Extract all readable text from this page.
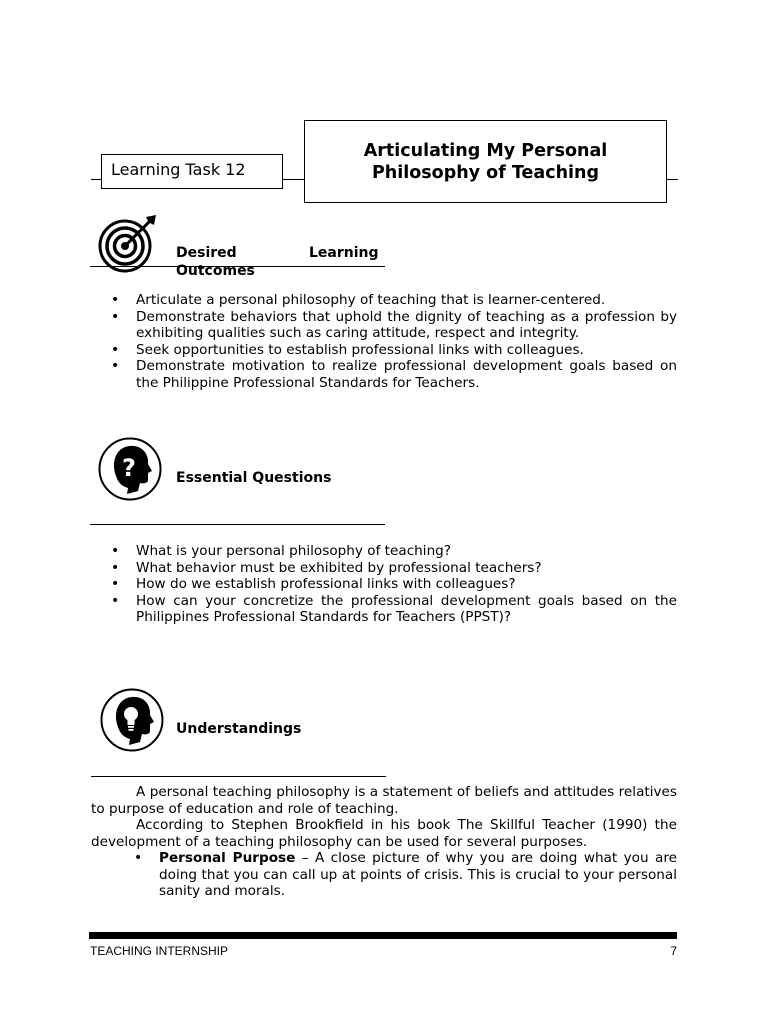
Learning Task 12
Articulating My Personal Philosophy of Teaching
Desired	Learning
Outcomes
• Articulate a personal philosophy of teaching that is learner-centered.
• Demonstrate behaviors that uphold the dignity of teaching as a profession by exhibiting qualities such as caring attitude, respect and integrity.
• Seek opportunities to establish professional links with colleagues.
• Demonstrate motivation to realize professional development goals based on the Philippine Professional Standards for Teachers.
?	Essential Questions
• What is your personal philosophy of teaching?
• What behavior must be exhibited by professional teachers?
• How do we establish professional links with colleagues?
• How can your concretize the professional development goals based on the Philippines Professional Standards for Teachers (PPST)?
Understandings
A personal teaching philosophy is a statement of beliefs and attitudes relatives to purpose of education and role of teaching.
According to Stephen Brookfield in his book The Skillful Teacher (1990) the development of a teaching philosophy can be used for several purposes.
• Personal Purpose – A close picture of why you are doing what you are doing that you can call up at points of crisis. This is crucial to your personal sanity and morals.
TEACHING INTERNSHIP	7
